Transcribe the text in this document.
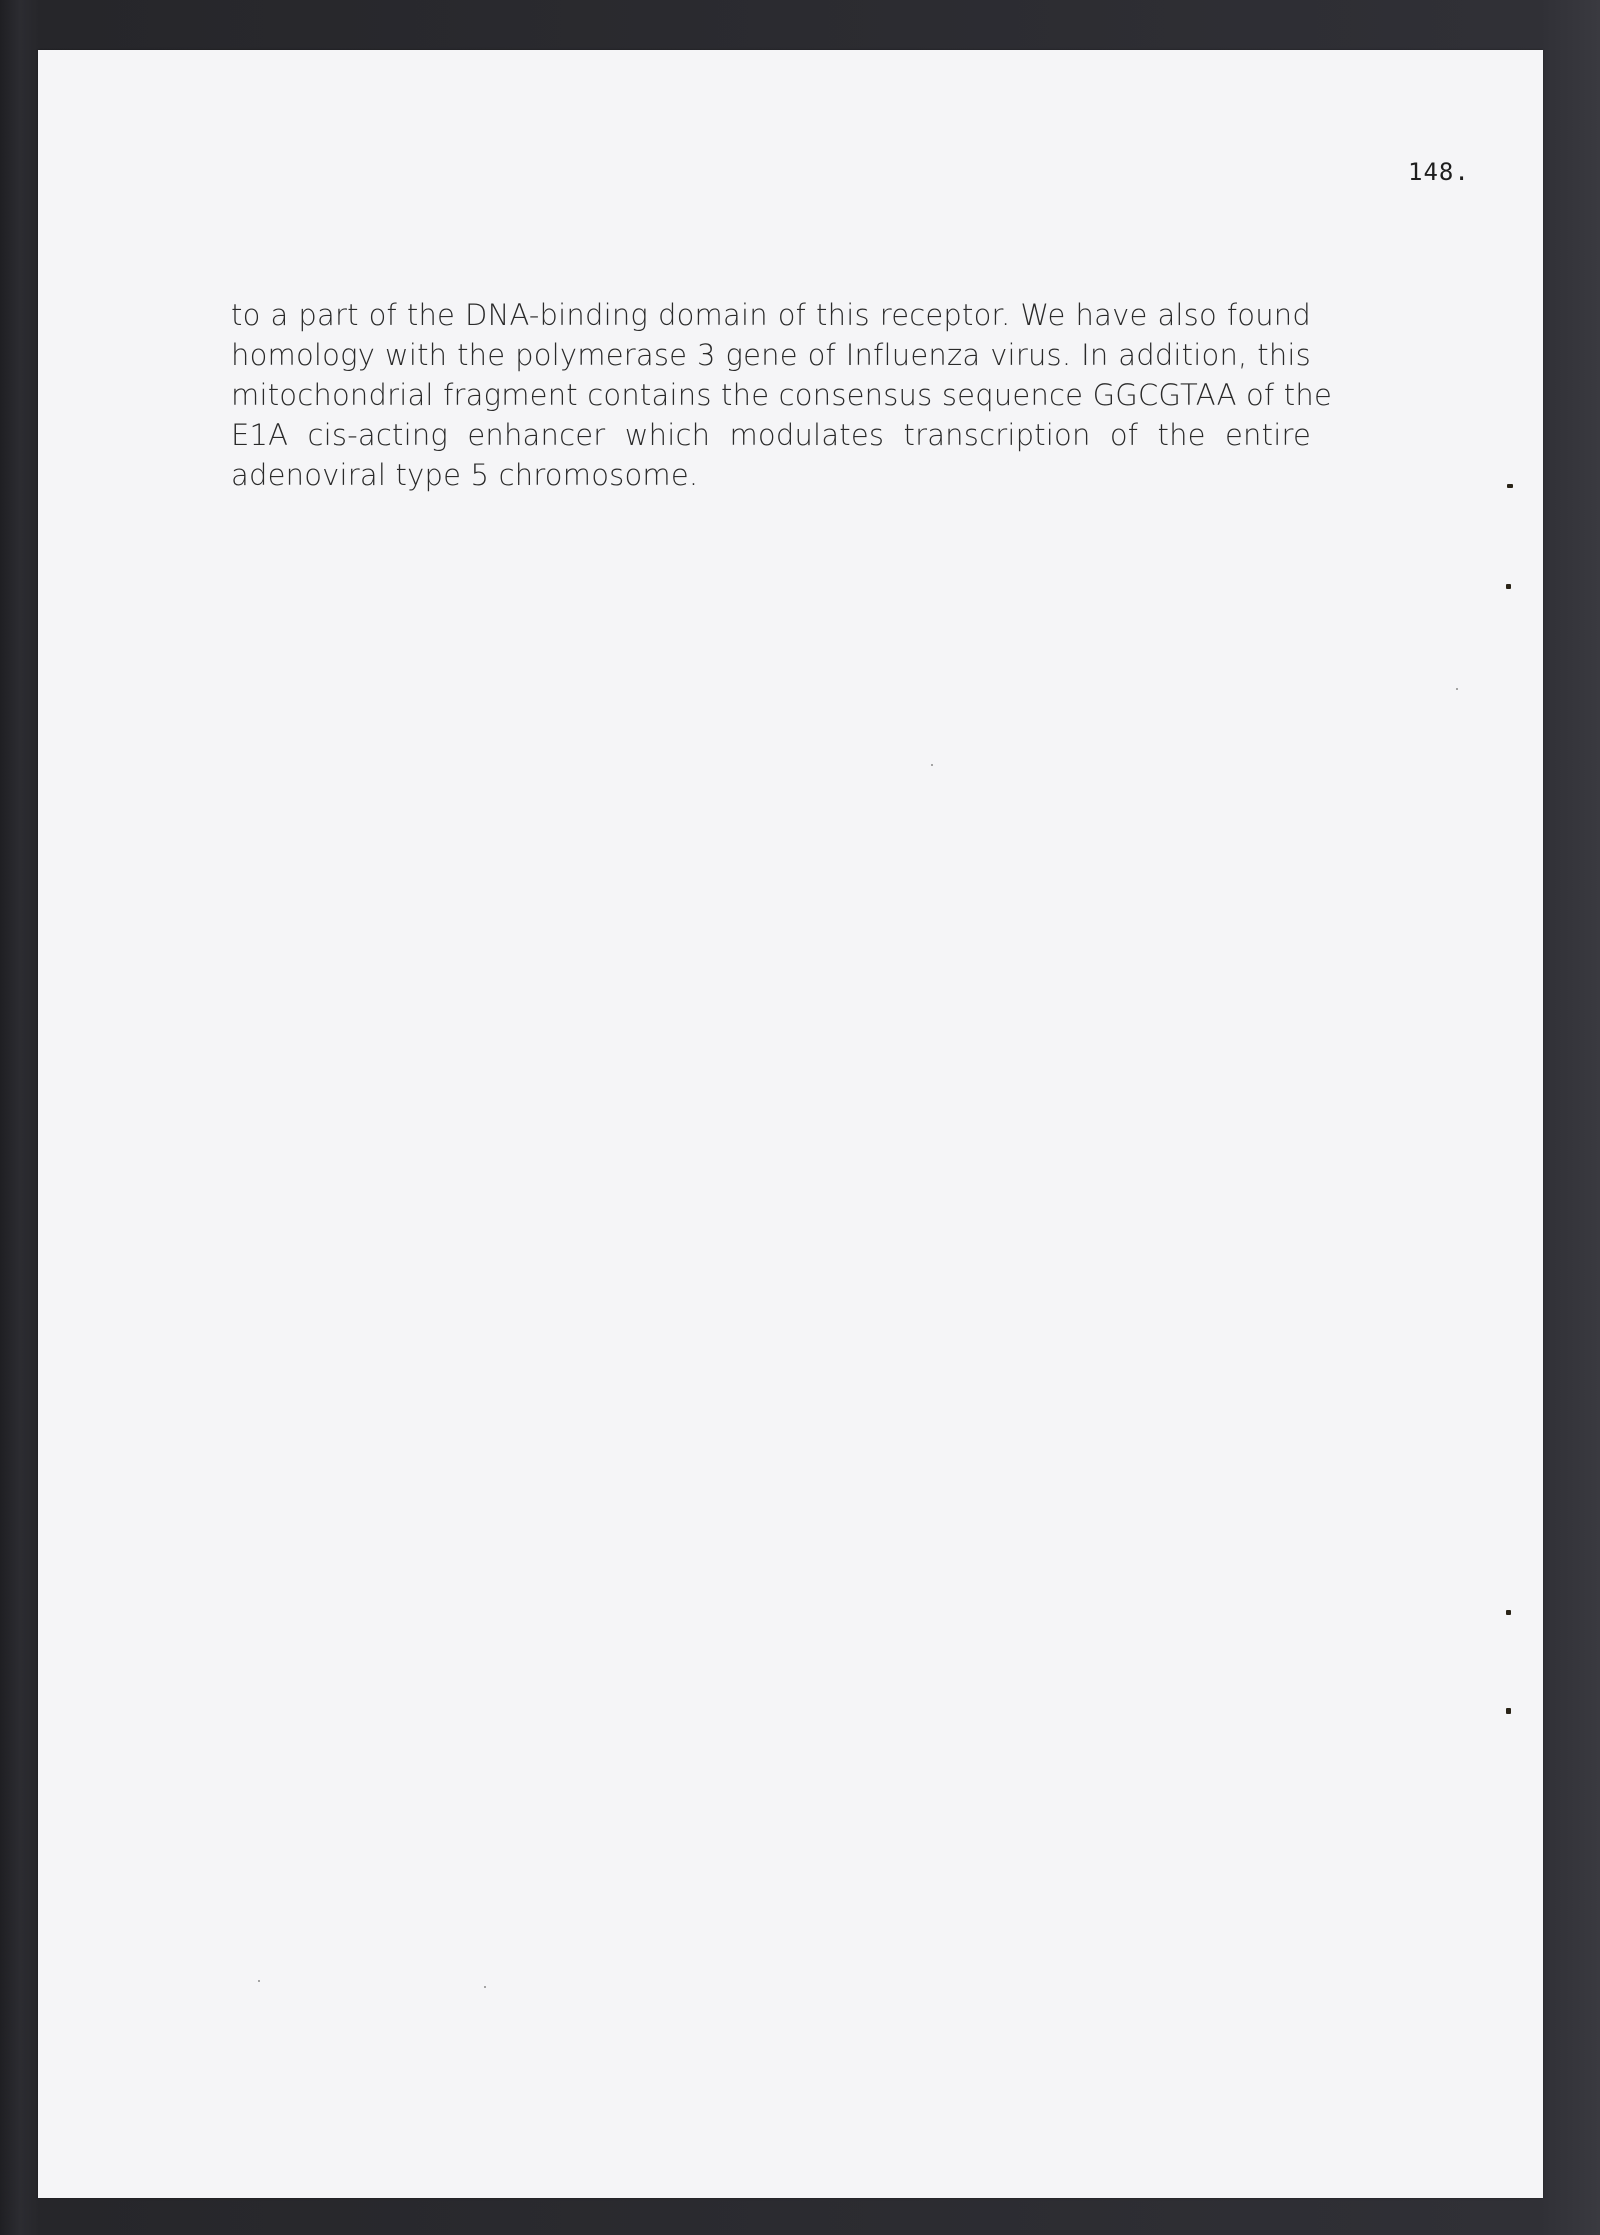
148.

to a part of the DNA-binding domain of this receptor. We have also found
homology with the polymerase 3 gene of Influenza virus. In addition, this
mitochondrial fragment contains the consensus sequence GGCGTAA of the
E1A cis-acting enhancer which modulates transcription of the entire
adenoviral type 5 chromosome.
